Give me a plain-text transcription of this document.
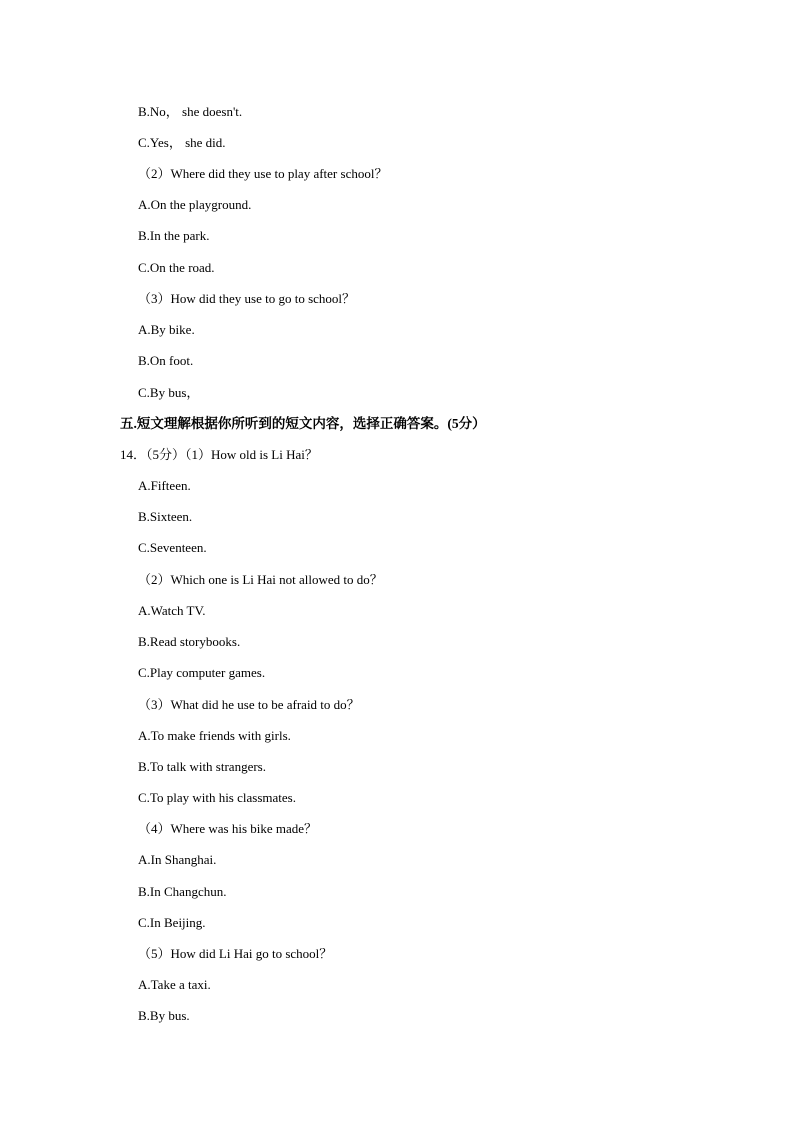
B.No， she doesn't.
C.Yes， she did.
（2）Where did they use to play after school？
A.On the playground.
B.In the park.
C.On the road.
（3）How did they use to go to school？
A.By bike.
B.On foot.
C.By bus，
五.短文理解根据你所听到的短文内容，选择正确答案。(5分）
14．（5分）（1）How old is Li Hai？
A.Fifteen.
B.Sixteen.
C.Seventeen.
（2）Which one is Li Hai not allowed to do？
A.Watch TV.
B.Read storybooks.
C.Play computer games.
（3）What did he use to be afraid to do？
A.To make friends with girls.
B.To talk with strangers.
C.To play with his classmates.
（4）Where was his bike made？
A.In Shanghai.
B.In Changchun.
C.In Beijing.
（5）How did Li Hai go to school？
A.Take a taxi.
B.By bus.
